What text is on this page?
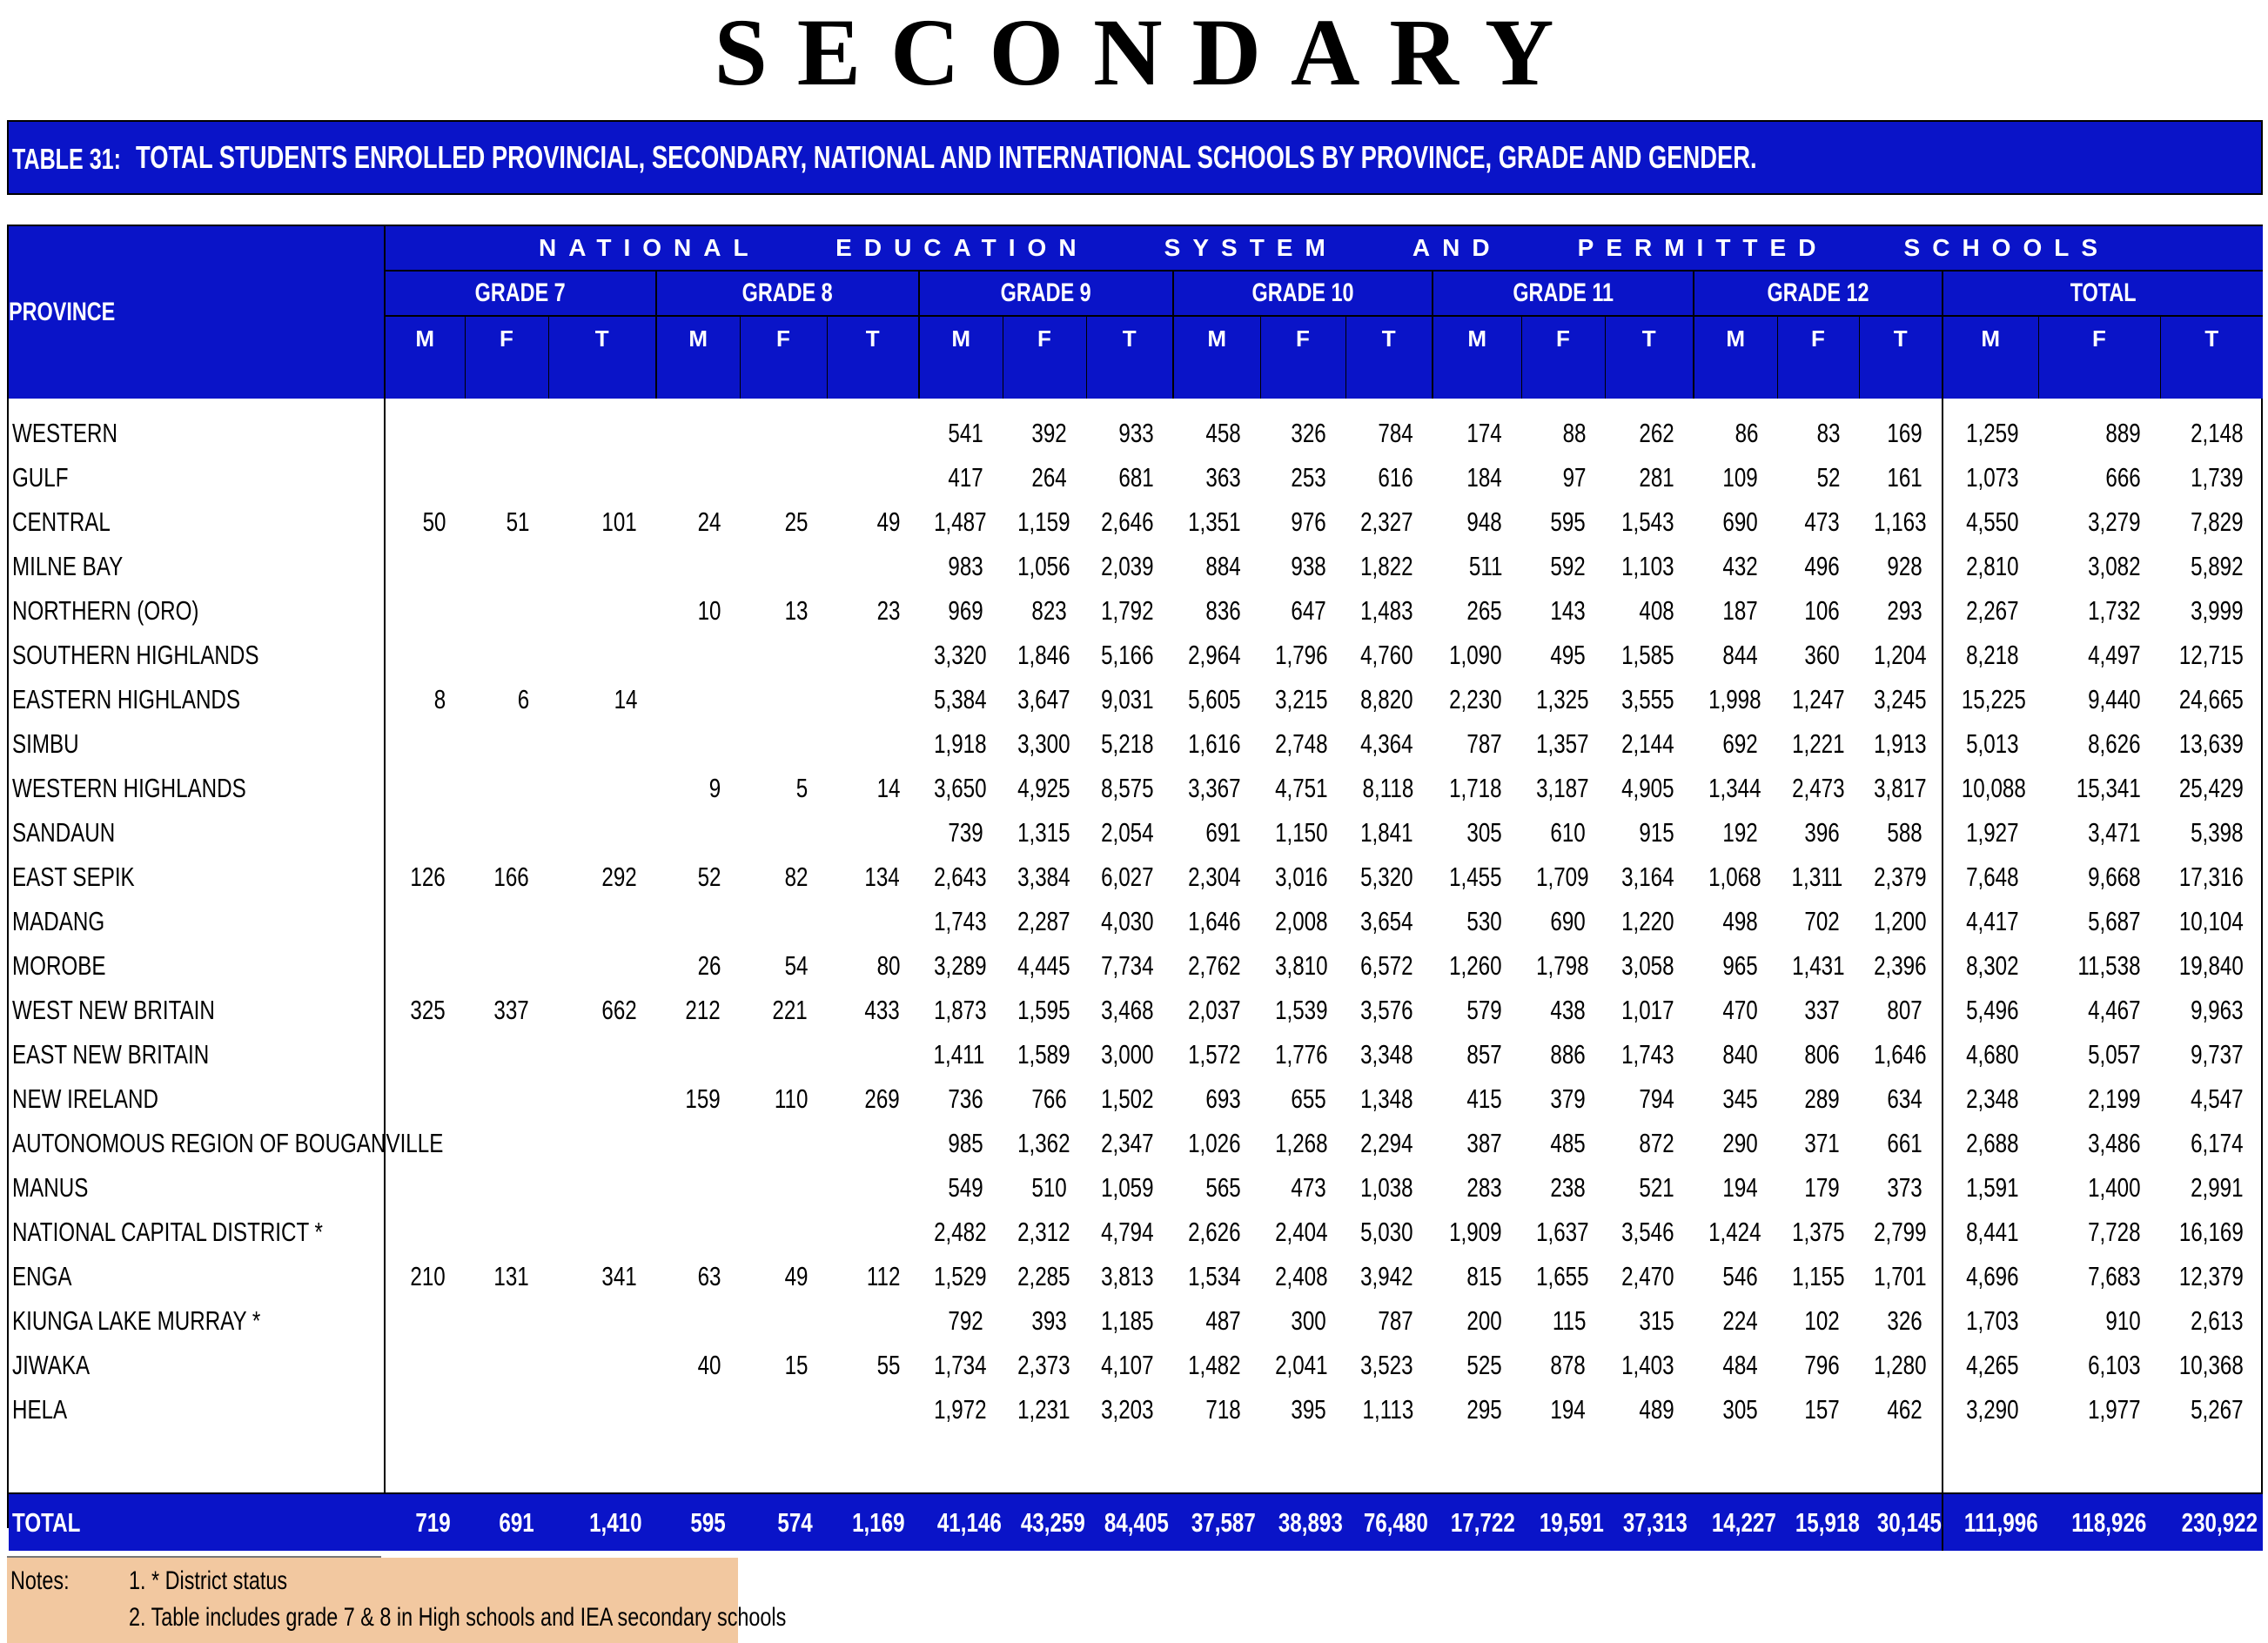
SECONDARY
TABLE 31: TOTAL STUDENTS ENROLLED PROVINCIAL, SECONDARY, NATIONAL AND INTERNATIONAL SCHOOLS BY PROVINCE, GRADE AND GENDER.
PROVINCE	NATIONAL    EDUCATION    SYSTEM    AND    PERMITTED    SCHOOLS																				
	GRADE 7			GRADE 8			GRADE 9			GRADE 10			GRADE 11			GRADE 12			TOTAL		
	M	F	T	M	F	T	M	F	T	M	F	T	M	F	T	M	F	T	M	F	T

WESTERN							541	392	933	458	326	784	174	88	262	86	83	169	1,259	889	2,148
GULF							417	264	681	363	253	616	184	97	281	109	52	161	1,073	666	1,739
CENTRAL	50	51	101	24	25	49	1,487	1,159	2,646	1,351	976	2,327	948	595	1,543	690	473	1,163	4,550	3,279	7,829
MILNE BAY							983	1,056	2,039	884	938	1,822	511	592	1,103	432	496	928	2,810	3,082	5,892
NORTHERN (ORO)				10	13	23	969	823	1,792	836	647	1,483	265	143	408	187	106	293	2,267	1,732	3,999
SOUTHERN HIGHLANDS							3,320	1,846	5,166	2,964	1,796	4,760	1,090	495	1,585	844	360	1,204	8,218	4,497	12,715
EASTERN HIGHLANDS	8	6	14				5,384	3,647	9,031	5,605	3,215	8,820	2,230	1,325	3,555	1,998	1,247	3,245	15,225	9,440	24,665
SIMBU							1,918	3,300	5,218	1,616	2,748	4,364	787	1,357	2,144	692	1,221	1,913	5,013	8,626	13,639
WESTERN HIGHLANDS				9	5	14	3,650	4,925	8,575	3,367	4,751	8,118	1,718	3,187	4,905	1,344	2,473	3,817	10,088	15,341	25,429
SANDAUN							739	1,315	2,054	691	1,150	1,841	305	610	915	192	396	588	1,927	3,471	5,398
EAST SEPIK	126	166	292	52	82	134	2,643	3,384	6,027	2,304	3,016	5,320	1,455	1,709	3,164	1,068	1,311	2,379	7,648	9,668	17,316
MADANG							1,743	2,287	4,030	1,646	2,008	3,654	530	690	1,220	498	702	1,200	4,417	5,687	10,104
MOROBE				26	54	80	3,289	4,445	7,734	2,762	3,810	6,572	1,260	1,798	3,058	965	1,431	2,396	8,302	11,538	19,840
WEST NEW BRITAIN	325	337	662	212	221	433	1,873	1,595	3,468	2,037	1,539	3,576	579	438	1,017	470	337	807	5,496	4,467	9,963
EAST NEW BRITAIN							1,411	1,589	3,000	1,572	1,776	3,348	857	886	1,743	840	806	1,646	4,680	5,057	9,737
NEW IRELAND				159	110	269	736	766	1,502	693	655	1,348	415	379	794	345	289	634	2,348	2,199	4,547
AUTONOMOUS REGION OF BOUGANVILLE							985	1,362	2,347	1,026	1,268	2,294	387	485	872	290	371	661	2,688	3,486	6,174
MANUS							549	510	1,059	565	473	1,038	283	238	521	194	179	373	1,591	1,400	2,991
NATIONAL CAPITAL DISTRICT *							2,482	2,312	4,794	2,626	2,404	5,030	1,909	1,637	3,546	1,424	1,375	2,799	8,441	7,728	16,169
ENGA	210	131	341	63	49	112	1,529	2,285	3,813	1,534	2,408	3,942	815	1,655	2,470	546	1,155	1,701	4,696	7,683	12,379
KIUNGA LAKE MURRAY *							792	393	1,185	487	300	787	200	115	315	224	102	326	1,703	910	2,613
JIWAKA				40	15	55	1,734	2,373	4,107	1,482	2,041	3,523	525	878	1,403	484	796	1,280	4,265	6,103	10,368
HELA							1,972	1,231	3,203	718	395	1,113	295	194	489	305	157	462	3,290	1,977	5,267

TOTAL	719	691	1,410	595	574	1,169	41,146	43,259	84,405	37,587	38,893	76,480	17,722	19,591	37,313	14,227	15,918	30,145	111,996	118,926	230,922
Notes: 1. * District status
2. Table includes grade 7 & 8 in High schools and IEA secondary schools
